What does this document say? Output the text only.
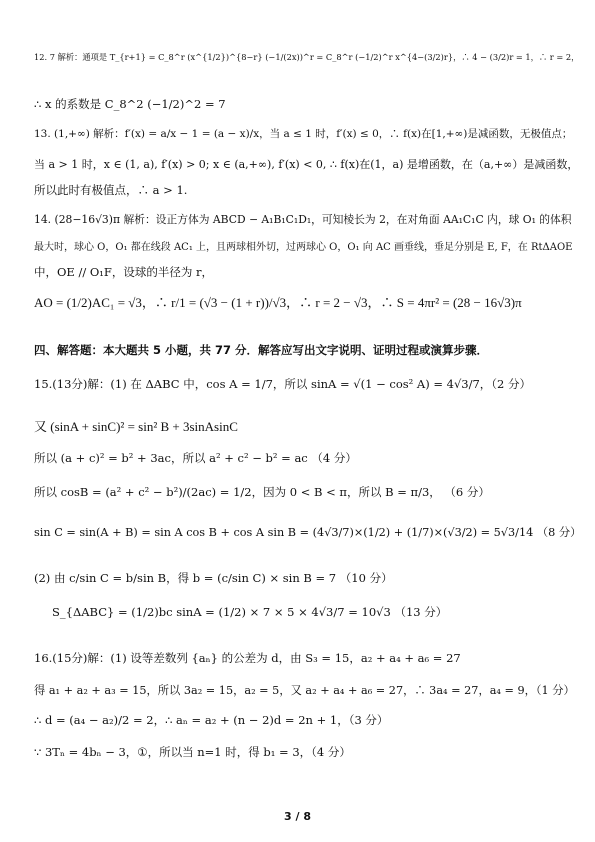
12. 7 解析：通项是 T_{r+1} = C_8^r (x^{1/2})^{8−r} (−1/(2x))^r = C_8^r (−1/2)^r x^{4−(3/2)r}，∴ 4 − (3/2)r = 1，∴ r = 2，
∴ x 的系数是 C_8^2 (−1/2)^2 = 7
13. (1,+∞) 解析：f′(x) = a/x − 1 = (a − x)/x，当 a ≤ 1 时，f′(x) ≤ 0，∴ f(x)在[1,+∞)是减函数，无极值点；
当 a > 1 时，x ∈ (1, a), f′(x) > 0; x ∈ (a,+∞), f′(x) < 0, ∴ f(x)在(1，a) 是增函数，在（a,+∞）是减函数，
所以此时有极值点，∴ a > 1.
14. (28−16√3)π 解析：设正方体为 ABCD − A₁B₁C₁D₁，可知棱长为 2，在对角面 AA₁C₁C 内，球 O₁ 的体积
最大时，球心 O，O₁ 都在线段 AC₁ 上，且两球相外切，过两球心 O，O₁ 向 AC 画垂线，垂足分别是 E, F，在 RtΔAOE
中，OE // O₁F，设球的半径为 r，
AO = (1/2)AC₁ = √3，∴ r/1 = (√3 − (1 + r))/√3，∴ r = 2 − √3，∴ S = 4πr² = (28 − 16√3)π
四、解答题：本大题共 5 小题，共 77 分．解答应写出文字说明、证明过程或演算步骤．
15.(13分)解：(1) 在 ΔABC 中，cos A = 1/7，所以 sinA = √(1 − cos² A) = 4√3/7，（2 分）
又 (sinA + sinC)² = sin² B + 3sinAsinC
所以 (a + c)² = b² + 3ac，所以 a² + c² − b² = ac （4 分）
所以 cosB = (a² + c² − b²)/(2ac) = 1/2，因为 0 < B < π，所以 B = π/3， （6 分）
sin C = sin(A + B) = sin A cos B + cos A sin B = (4√3/7)×(1/2) + (1/7)×(√3/2) = 5√3/14 （8 分）
(2) 由 c/sin C = b/sin B，得 b = (c/sin C) × sin B = 7 （10 分）
S_{ΔABC} = (1/2)bc sinA = (1/2) × 7 × 5 × 4√3/7 = 10√3 （13 分）
16.(15分)解：(1) 设等差数列 {aₙ} 的公差为 d，由 S₃ = 15，a₂ + a₄ + a₆ = 27
得 a₁ + a₂ + a₃ = 15，所以 3a₂ = 15，a₂ = 5，又 a₂ + a₄ + a₆ = 27，∴ 3a₄ = 27，a₄ = 9，（1 分）
∴ d = (a₄ − a₂)/2 = 2，∴ aₙ = a₂ + (n − 2)d = 2n + 1，（3 分）
∵ 3Tₙ = 4bₙ − 3，①，所以当 n=1 时，得 b₁ = 3，（4 分）
3 / 8
